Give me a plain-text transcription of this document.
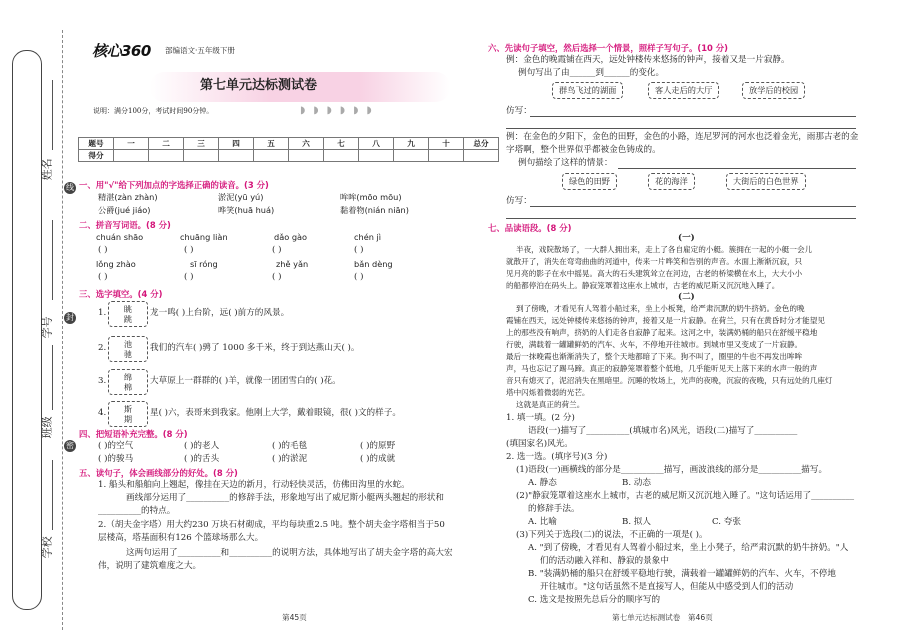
姓名
学号
班级
学校
线
封
密
核心360 部编语文·五年级下册
第七单元达标测试卷
说明：满分100分，考试时间90分钟。	◗◗◗◗◗◗
题号	一	二	三	四	五	六	七	八	九	十	总分
得分											
一、用"√"给下列加点的字选择正确的读音。(3 分)
精湛(zàn zhàn)	淤泥(yū yú)	哞哞(mōo mōu)
公爵(jué jiáo)	哗笑(huā huá)	黏着物(nián niān)
二、拼音写词语。(8 分)
chuán shāo	chuāng liàn	dǎo gào	chén jì
( )	( )	( )	( )
lǒng zhào	sī róng	zhě yǎn	bǎn dèng
( )	( )	( )	( )
三、选字填空。(4 分)
1.	眺
跳
龙一鸣( )上台阶，远( )前方的风景。
2.	池
驰
我们的汽车( )骋了 1000 多千米，终于到达燕山天( )。
3.	绵
棉
大草原上一群群的( )羊，就像一团团雪白的( )花。
4.	斯
期
星( )六，表哥来到我家。他刚上大学，戴着眼镜，很( )文的样子。
四、把短语补充完整。(8 分)
( )的空气	( )的老人	( )的毛毯	( )的原野
( )的骏马	( )的舌头	( )的淤泥	( )的成就
五、读句子，体会画线部分的好处。(8 分)
1. 船头和船舶向上翘起，像挂在天边的新月，行动轻快灵活，仿佛田沟里的水蛇。
画线部分运用了__________的修辞手法，形象地写出了威尼斯小艇两头翘起的形状和
__________的特点。
2.（胡夫金字塔）用大约230 万块石材砌成，平均每块重2.5 吨。整个胡夫金字塔相当于50
层楼高，塔基面积有126 个篮球场那么大。
这两句运用了__________和__________的说明方法，具体地写出了胡夫金字塔的高大宏
伟，说明了建筑难度之大。
第45页
六、先读句子填空，然后选择一个情景，照样子写句子。(10 分)
例：金色的晚霞铺在西天，远处钟楼传来悠扬的钟声，接着又是一片寂静。
例句写出了由______到______的变化。
群鸟飞过的湖面	客人走后的大厅	放学后的校园
仿写：
例：在金色的夕阳下，金色的田野，金色的小路，连尼罗河的河水也泛着金光，雨那古老的金
字塔啊，整个世界似乎都被金色铸成的。
例句描绘了这样的情景：
绿色的田野	花的海洋	大街后的白色世界
仿写：
七、品读语段。(8 分)
(一)
半夜，戏院散场了，一大群人拥出来，走上了各自雇定的小艇。簇拥在一起的小艇一会儿
就散开了，消失在弯弯曲曲的河道中，传来一片哗笑和告别的声音。水面上渐渐沉寂，只
见月亮的影子在水中摇晃。高大的石头建筑耸立在河边，古老的桥梁横在水上，大大小小
的船都停泊在码头上。静寂笼罩着这座水上城市，古老的威尼斯又沉沉地入睡了。
(二)
到了傍晚，才看见有人驾着小船过来，坐上小板凳，给严肃沉默的奶牛挤奶。金色的晚
霞铺在西天，远处钟楼传来悠扬的钟声，接着又是一片寂静。在荷兰，只有在黄昏时分才能望见
上的那些没有响声，挤奶的人们走各自寂静了起来。这河之中，装满奶桶的船只在舒缓平稳地
行驶，满载着一罐罐鲜奶的汽车、火车，不停地开往城市。到城市里又变成了一片寂静。
最后一抹晚霞也渐渐消失了，整个天地都暗了下来。狗不叫了，圈里的牛也不再发出哞哞
声，马也忘记了踢马蹄。真正的寂静笼罩着整个低地，几乎能听见天上落下来的水声一般的声
音只有熄灭了，泥沼消失在黑暗里。沉睡的牧场上，光声的夜晚，沉寂的夜晚，只有远处的几座灯
塔中闪烁着微弱的光芒。
这就是真正的荷兰。
1. 填一填。(2 分)
语段(一)描写了__________(填城市名)风光，语段(二)描写了__________
(填国家名)风光。
2. 选一选。(填序号)(3 分)
(1)语段(一)画横线的部分是__________描写，画波浪线的部分是__________描写。
A. 静态	B. 动态
(2)"静寂笼罩着这座水上城市，古老的威尼斯又沉沉地入睡了。"这句话运用了__________
的修辞手法。
A. 比喻	B. 拟人	C. 夸张
(3)下列关于选段(二)的说法，不正确的一项是( )。
A. "到了傍晚，才看见有人驾着小船过来，坐上小凳子，给严肃沉默的奶牛挤奶。"人
们的活动融入祥和、静寂的景象中
B. "装满奶桶的船只在舒缓平稳地行驶，满载着一罐罐鲜奶的汽车、火车，不停地
开往城市。"这句话虽然不是直接写人，但能从中感受到人们的活动
C. 选文是按照先总后分的顺序写的
第七单元达标测试卷　第46页
